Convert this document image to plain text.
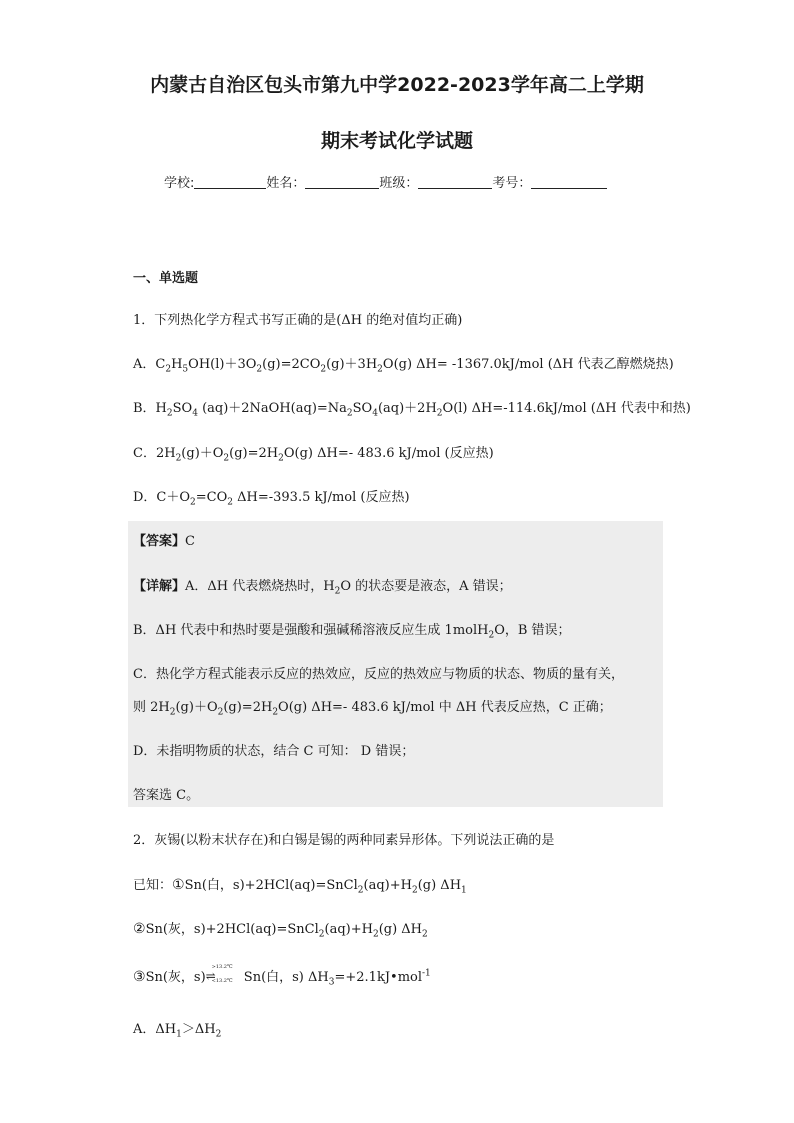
内蒙古自治区包头市第九中学2022-2023学年高二上学期
期末考试化学试题
学校:	姓名：	班级：	考号：
一、单选题
1．下列热化学方程式书写正确的是(ΔH 的绝对值均正确)
A．$C_2H_5OH(l)+3O_2(g)=2CO_2(g)+3H_2O(g)$ ΔH= -1367.0kJ/mol (ΔH 代表乙醇燃烧热)
B．$H_2SO_4$ $(aq)+2NaOH(aq)=Na_2SO_4(aq)+2H_2O(l)$ ΔH=-114.6kJ/mol (ΔH 代表中和热)
C．$2H_2(g)+O_2(g)=2H_2O(g)$ ΔH=- 483.6 kJ/mol (反应热)
D．$C+O_2=CO_2$ ΔH=-393.5 kJ/mol (反应热)
【答案】C
【详解】A．ΔH 代表燃烧热时，$H_2O$ 的状态要是液态，A 错误；
B．ΔH 代表中和热时要是强酸和强碱稀溶液反应生成 1molH$_2$O，B 错误；
C．热化学方程式能表示反应的热效应，反应的热效应与物质的状态、物质的量有关，
则 $2H_2(g)+O_2(g)=2H_2O(g)$ ΔH=- 483.6 kJ/mol 中 ΔH 代表反应热，C 正确；
D．未指明物质的状态，结合 C 可知： D 错误；
答案选 C。
2．灰锡(以粉末状存在)和白锡是锡的两种同素异形体。下列说法正确的是
已知：①Sn(白，$s)+2HCl(aq)=SnCl_2(aq)+H_2(g)$ $\Delta H_1$
②Sn(灰，$s)+2HCl(aq)=SnCl_2(aq)+H_2(g)$ $\Delta H_2$
③Sn(灰，s)
>13.2℃
⇌
<13.2℃ Sn(白，s) $\Delta H_3=+2.1kJ•mol^{-1}$
A．$\Delta H_1>\Delta H_2$
